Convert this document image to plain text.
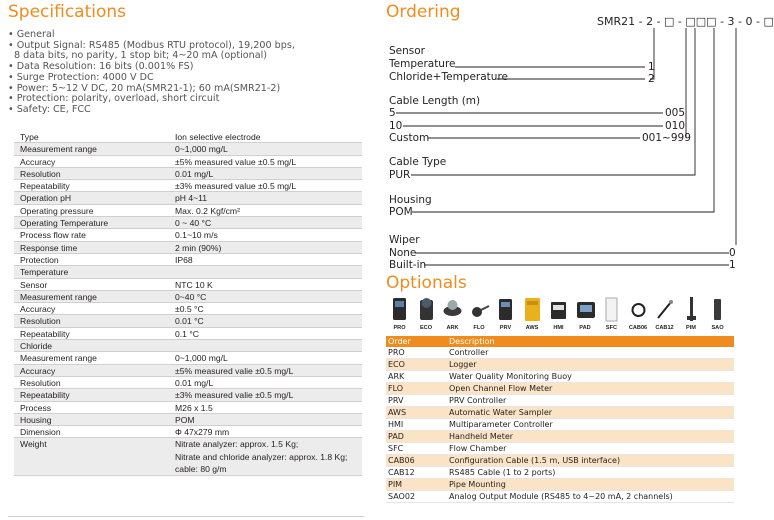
Specifications
• General
• Output Signal: RS485 (Modbus RTU protocol), 19,200 bps,
8 data bits, no parity, 1 stop bit; 4~20 mA (optional)
• Data Resolution: 16 bits (0.001% FS)
• Surge Protection: 4000 V DC
• Power: 5~12 V DC, 20 mA(SMR21-1); 60 mA(SMR21-2)
• Protection: polarity, overload, short circuit
• Safety: CE, FCC
Type	Ion selective electrode
Measurement range	0~1,000 mg/L
Accuracy	±5% measured value ±0.5 mg/L
Resolution	0.01 mg/L
Repeatability	±3% measured value ±0.5 mg/L
Operation pH	pH 4~11
Operating pressure	Max. 0.2 Kgf/cm²
Operating Temperature	0 ~ 40 °C
Process flow rate	0.1~10 m/s
Response time	2 min (90%)
Protection	IP68
Temperature
Sensor	NTC 10 K
Measurement range	0~40 °C
Accuracy	±0.5 °C
Resolution	0.01 °C
Repeatability	0.1 °C
Chloride
Measurement range	0~1,000 mg/L
Accuracy	±5% measured valie ±0.5 mg/L
Resolution	0.01 mg/L
Repeatability	±3% measured valie ±0.5 mg/L
Process	M26 x 1.5
Housing	POM
Dimension	Φ 47x279 mm
Weight	Nitrate analyzer: approx. 1.5 Kg;
Nitrate and chloride analyzer: approx. 1.8 Kg;
cable: 80 g/m
Ordering	SMR21 - 2 - □ - □□□ - 3 - 0 - □
Sensor
Temperature	1
Chloride+Temperature	2
Cable Length (m)
5	005
10	010
Custom	001~999
Cable Type
PUR
Housing
POM
Wiper
None	0
Built-in	1
Optionals
PRO	ECO	ARK	FLO	PRV	AWS	HMI	PAD	SFC	CAB06	CAB12	PIM	SAO
Order	Description
PRO	Controller
ECO	Logger
ARK	Water Quality Monitoring Buoy
FLO	Open Channel Flow Meter
PRV	PRV Controller
AWS	Automatic Water Sampler
HMI	Multiparameter Controller
PAD	Handheld Meter
SFC	Flow Chamber
CAB06	Configuration Cable (1.5 m, USB interface)
CAB12	RS485 Cable (1 to 2 ports)
PIM	Pipe Mounting
SAO02	Analog Output Module (RS485 to 4~20 mA, 2 channels)
